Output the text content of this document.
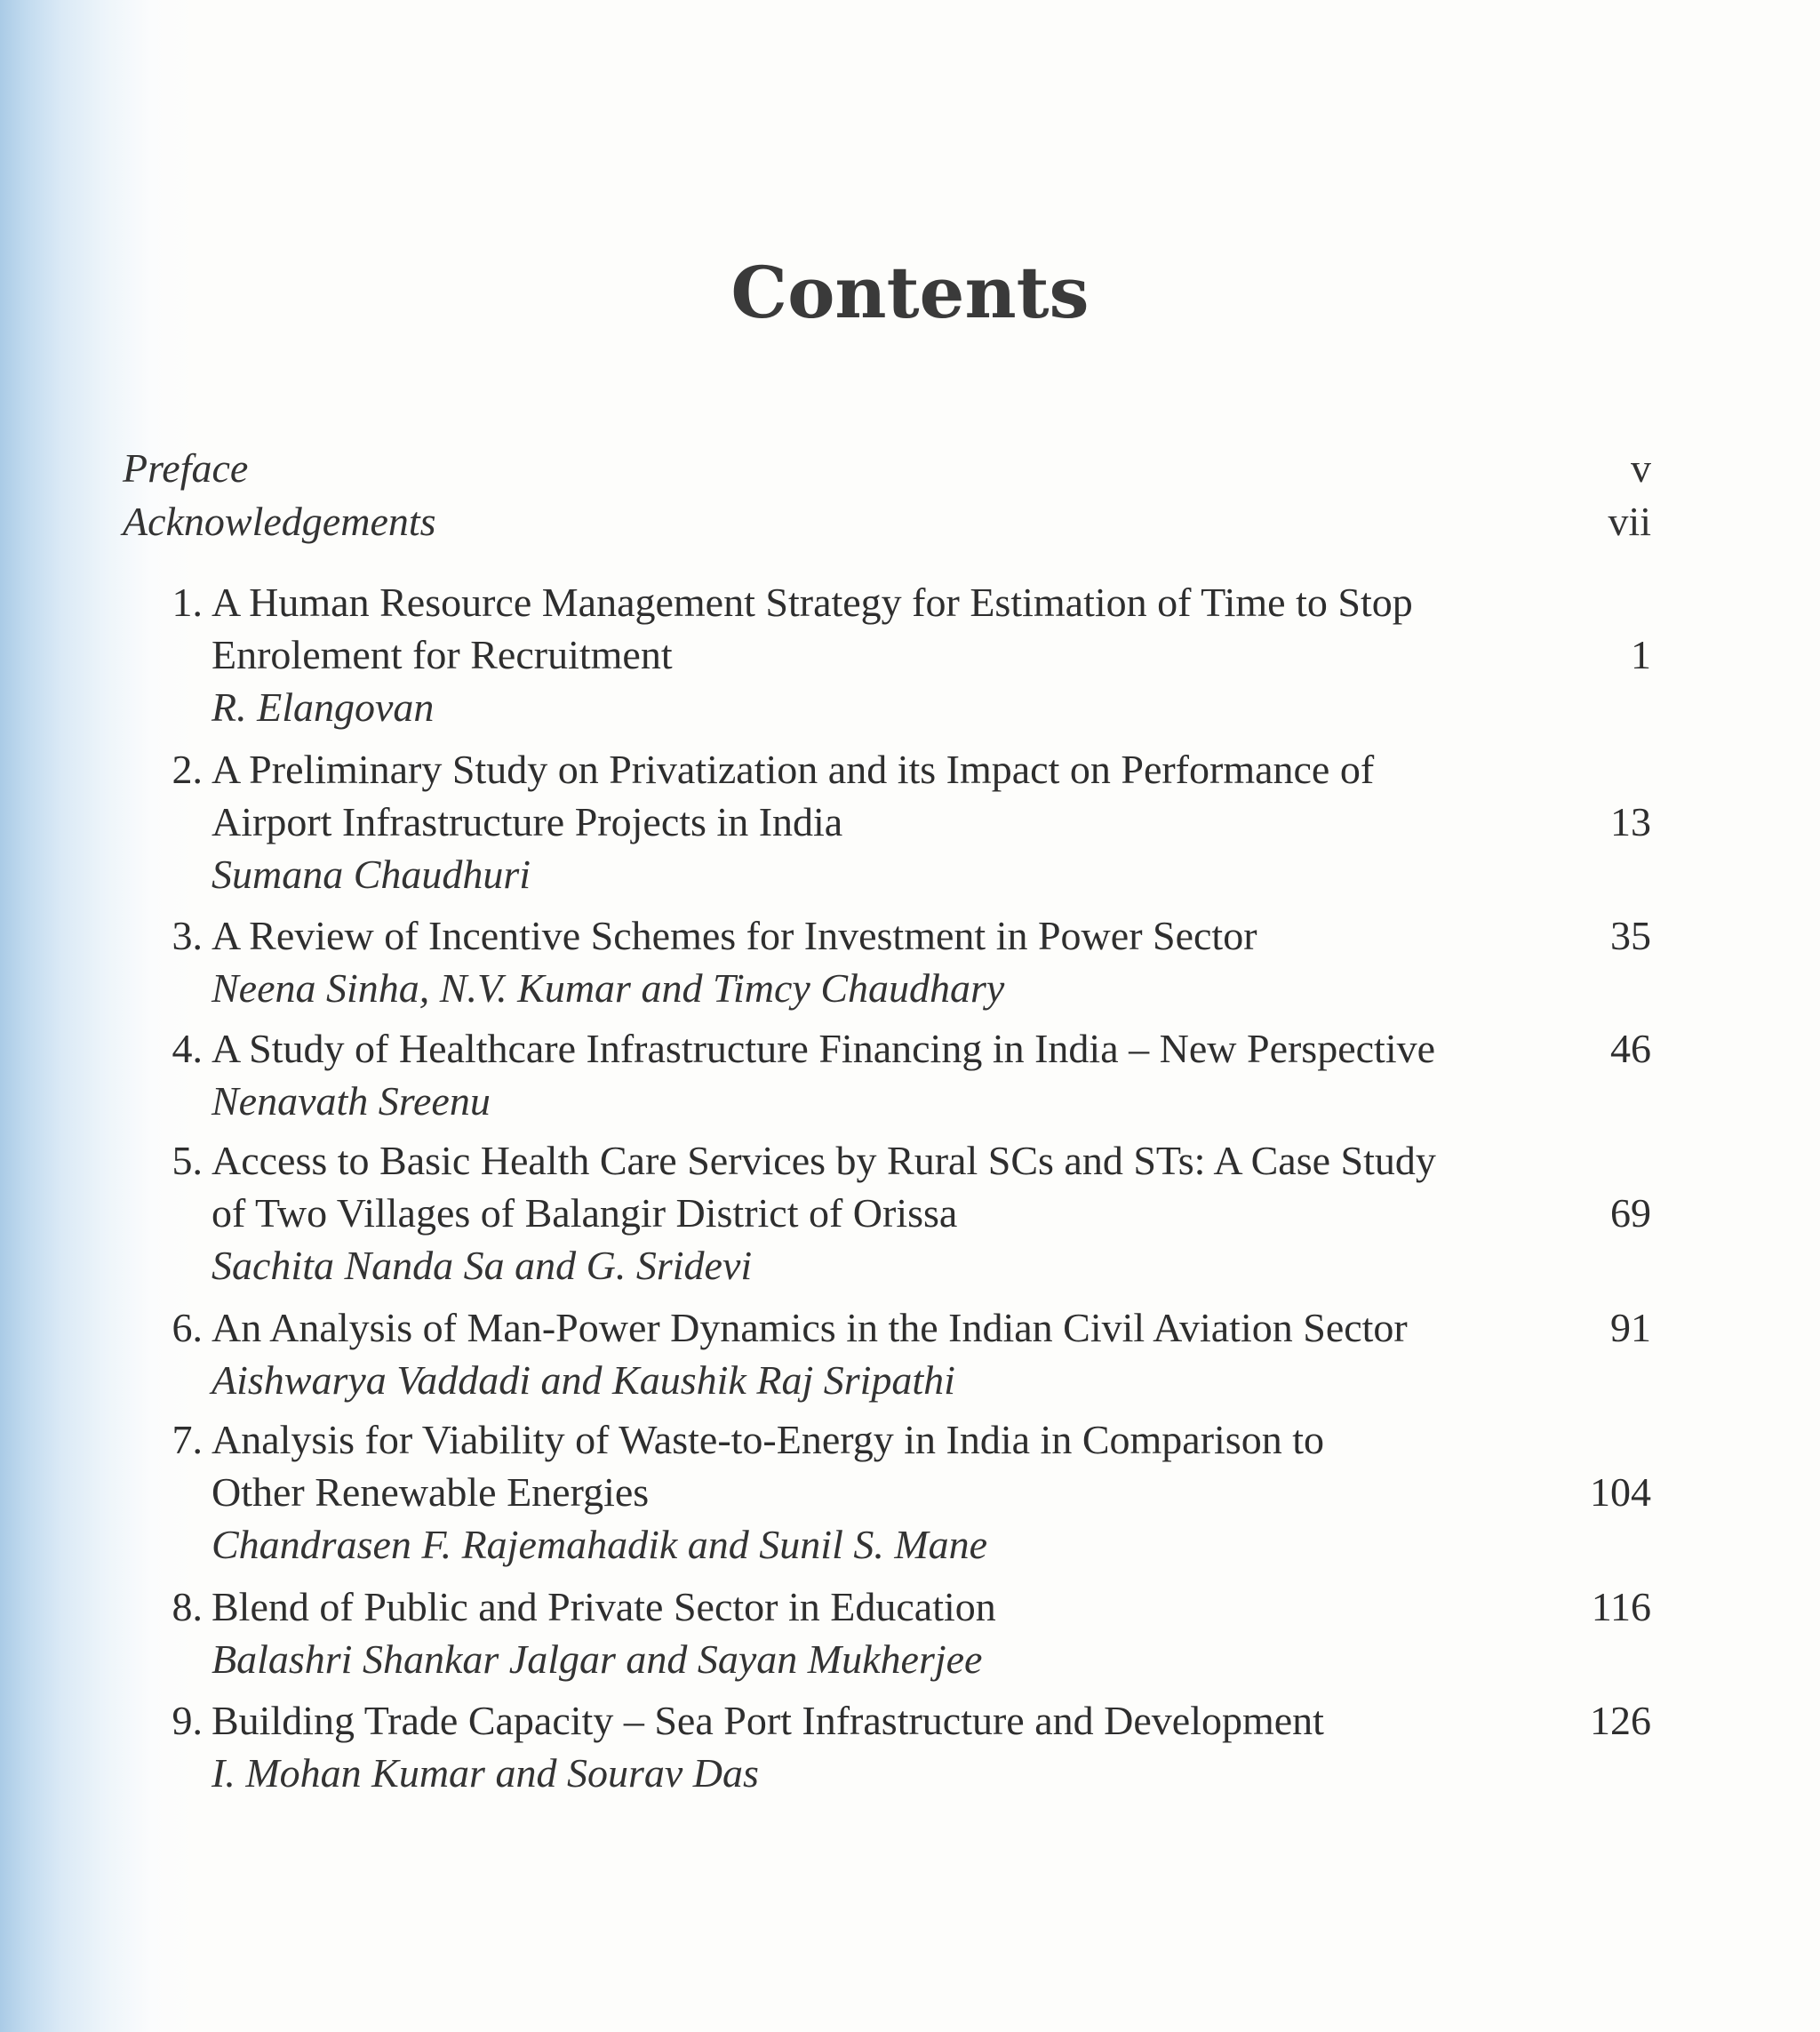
Contents
Preface	v
Acknowledgements	vii
1. A Human Resource Management Strategy for Estimation of Time to Stop
Enrolement for Recruitment	1
R. Elangovan
2. A Preliminary Study on Privatization and its Impact on Performance of
Airport Infrastructure Projects in India	13
Sumana Chaudhuri
3. A Review of Incentive Schemes for Investment in Power Sector	35
Neena Sinha, N.V. Kumar and Timcy Chaudhary
4. A Study of Healthcare Infrastructure Financing in India – New Perspective	46
Nenavath Sreenu
5. Access to Basic Health Care Services by Rural SCs and STs: A Case Study
of Two Villages of Balangir District of Orissa	69
Sachita Nanda Sa and G. Sridevi
6. An Analysis of Man-Power Dynamics in the Indian Civil Aviation Sector	91
Aishwarya Vaddadi and Kaushik Raj Sripathi
7. Analysis for Viability of Waste-to-Energy in India in Comparison to
Other Renewable Energies	104
Chandrasen F. Rajemahadik and Sunil S. Mane
8. Blend of Public and Private Sector in Education	116
Balashri Shankar Jalgar and Sayan Mukherjee
9. Building Trade Capacity – Sea Port Infrastructure and Development	126
I. Mohan Kumar and Sourav Das
